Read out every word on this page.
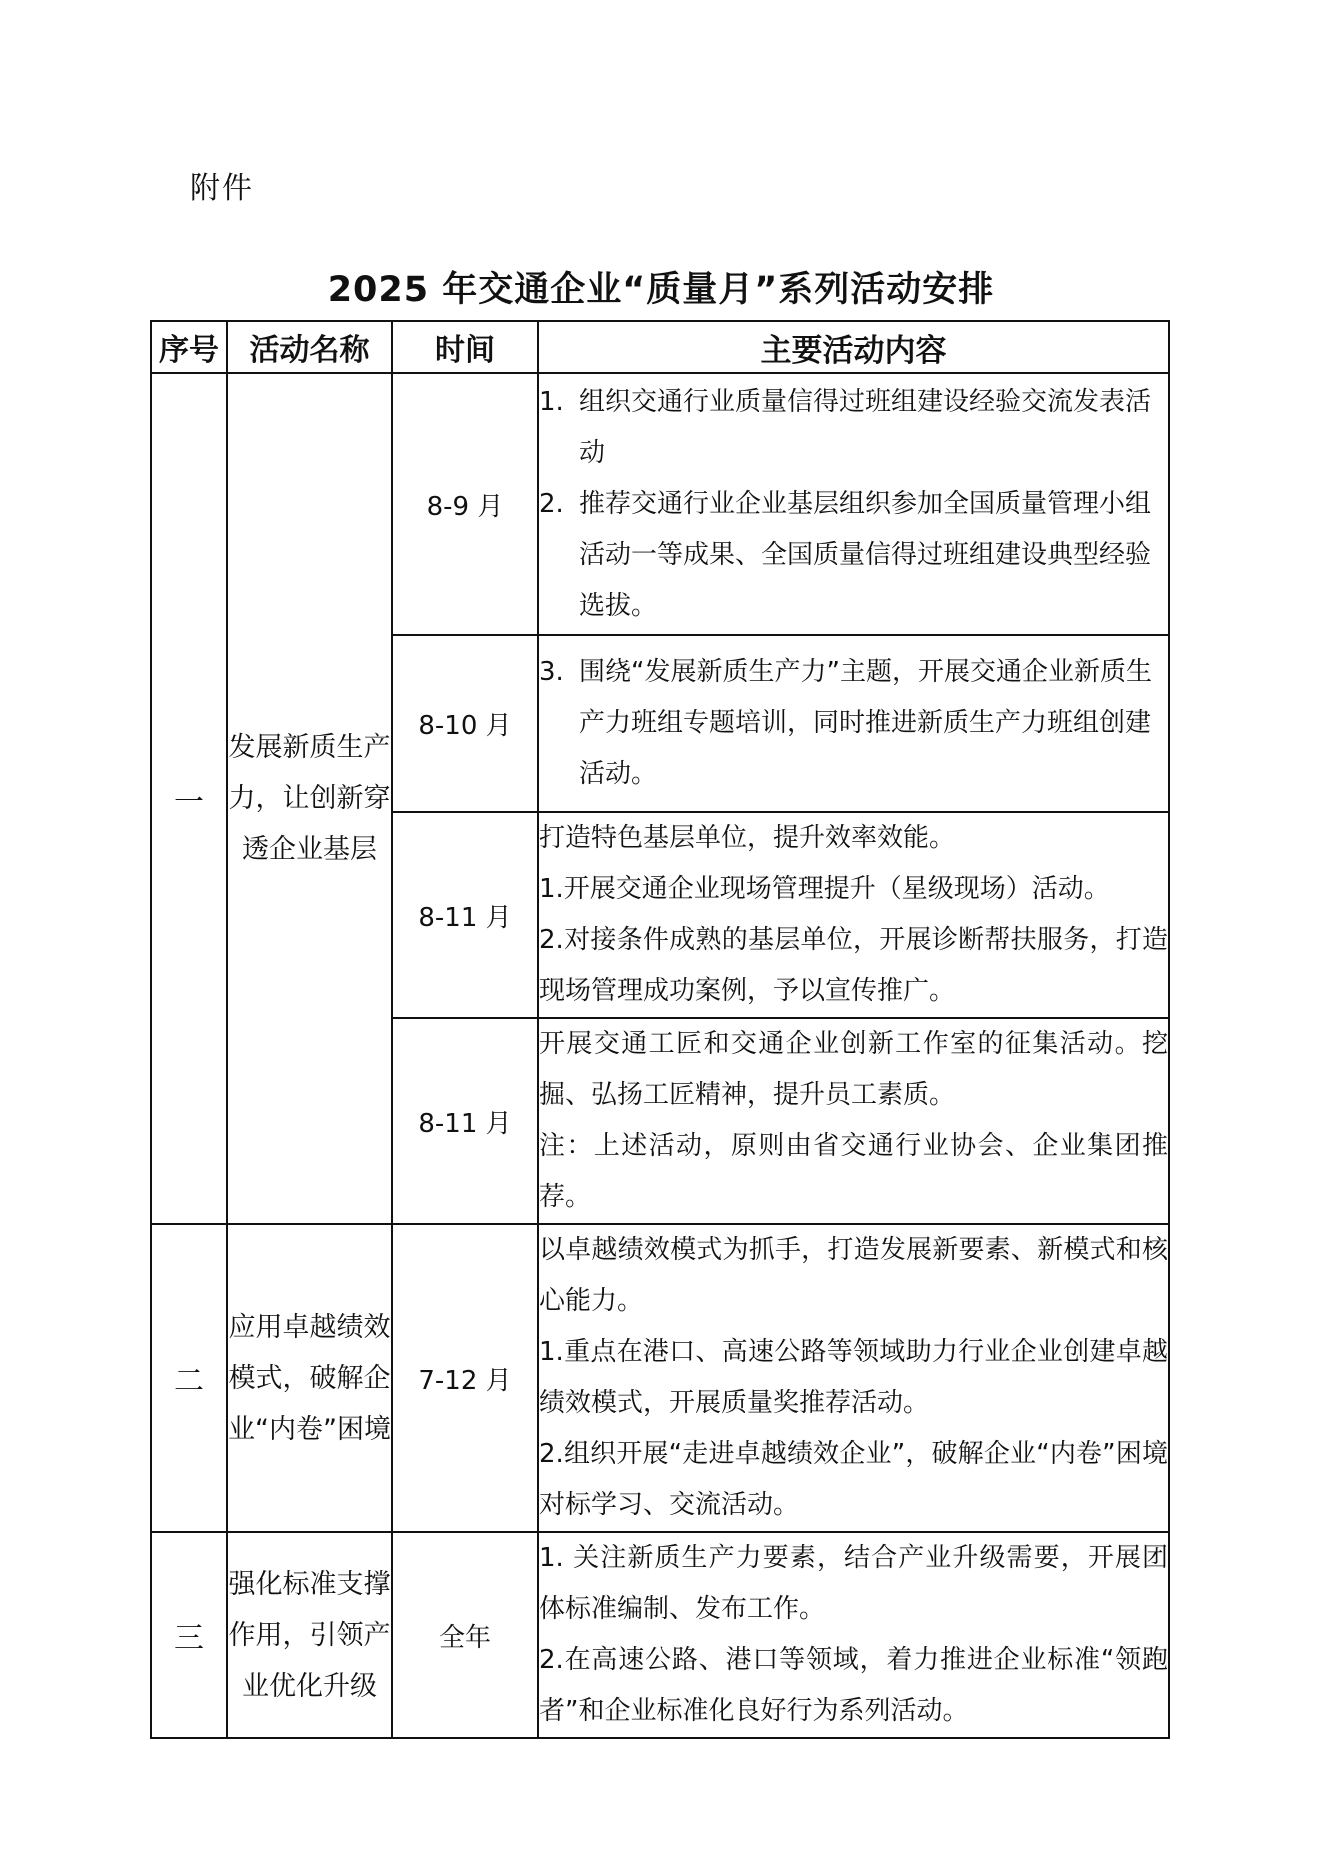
附件
2025 年交通企业“质量月”系列活动安排
序号	活动名称	时间	主要活动内容
一	发展新质生产力，让创新穿透企业基层	8-9 月	1. 组织交通行业质量信得过班组建设经验交流发表活动
2. 推荐交通行业企业基层组织参加全国质量管理小组活动一等成果、全国质量信得过班组建设典型经验选拔。

		8-10 月	3. 围绕“发展新质生产力”主题，开展交通企业新质生产力班组专题培训，同时推进新质生产力班组创建活动。

		8-11 月	打造特色基层单位，提升效率效能。
1.开展交通企业现场管理提升（星级现场）活动。
2.对接条件成熟的基层单位，开展诊断帮扶服务，打造现场管理成功案例，予以宣传推广。

		8-11 月	开展交通工匠和交通企业创新工作室的征集活动。挖掘、弘扬工匠精神，提升员工素质。
注：上述活动，原则由省交通行业协会、企业集团推荐。

二	应用卓越绩效模式，破解企业“内卷”困境	7-12 月	以卓越绩效模式为抓手，打造发展新要素、新模式和核心能力。
1.重点在港口、高速公路等领域助力行业企业创建卓越绩效模式，开展质量奖推荐活动。
2.组织开展“走进卓越绩效企业”，破解企业“内卷”困境对标学习、交流活动。

三	强化标准支撑作用，引领产业优化升级	全年	1. 关注新质生产力要素，结合产业升级需要，开展团体标准编制、发布工作。
2.在高速公路、港口等领域，着力推进企业标准“领跑者”和企业标准化良好行为系列活动。
